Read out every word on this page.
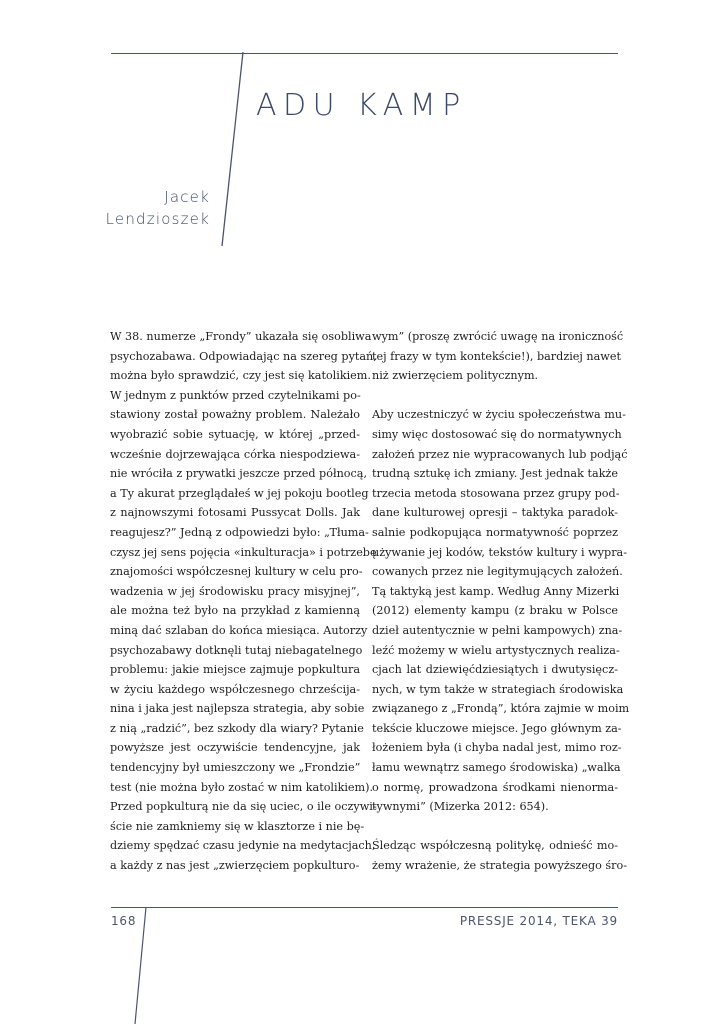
ADU KAMP
Jacek
Lendzioszek
W 38. numerze „Frondy” ukazała się osobliwa
psychozabawa. Odpowiadając na szereg pytań,
można było sprawdzić, czy jest się katolikiem.
W jednym z punktów przed czytelnikami po-
stawiony został poważny problem. Należało
wyobrazić sobie sytuację, w której „przed-
wcześnie dojrzewająca córka niespodziewa-
nie wróciła z prywatki jeszcze przed północą,
a Ty akurat przeglądałeś w jej pokoju bootleg
z najnowszymi fotosami Pussycat Dolls. Jak
reagujesz?” Jedną z odpowiedzi było: „Tłuma-
czysz jej sens pojęcia «inkulturacja» i potrzebę
znajomości współczesnej kultury w celu pro-
wadzenia w jej środowisku pracy misyjnej”,
ale można też było na przykład z kamienną
miną dać szlaban do końca miesiąca. Autorzy
psychozabawy dotknęli tutaj niebagatelnego
problemu: jakie miejsce zajmuje popkultura
w życiu każdego współczesnego chrześcija-
nina i jaka jest najlepsza strategia, aby sobie
z nią „radzić”, bez szkody dla wiary? Pytanie
powyższe jest oczywiście tendencyjne, jak
tendencyjny był umieszczony we „Frondzie”
test (nie można było zostać w nim katolikiem).
Przed popkulturą nie da się uciec, o ile oczywi-
ście nie zamkniemy się w klasztorze i nie bę-
dziemy spędzać czasu jedynie na medytacjach,
a każdy z nas jest „zwierzęciem popkulturo-
wym” (proszę zwrócić uwagę na ironiczność
tej frazy w tym kontekście!), bardziej nawet
niż zwierzęciem politycznym.
Aby uczestniczyć w życiu społeczeństwa mu-
simy więc dostosować się do normatywnych
założeń przez nie wypracowanych lub podjąć
trudną sztukę ich zmiany. Jest jednak także
trzecia metoda stosowana przez grupy pod-
dane kulturowej opresji – taktyka paradok-
salnie podkopująca normatywność poprzez
używanie jej kodów, tekstów kultury i wypra-
cowanych przez nie legitymujących założeń.
Tą taktyką jest kamp. Według Anny Mizerki
(2012) elementy kampu (z braku w Polsce
dzieł autentycznie w pełni kampowych) zna-
leźć możemy w wielu artystycznych realiza-
cjach lat dziewięćdziesiątych i dwutysięcz-
nych, w tym także w strategiach środowiska
związanego z „Frondą”, która zajmie w moim
tekście kluczowe miejsce. Jego głównym za-
łożeniem była (i chyba nadal jest, mimo roz-
łamu wewnątrz samego środowiska) „walka
o normę, prowadzona środkami nienorma-
tywnymi” (Mizerka 2012: 654).
Śledząc współczesną politykę, odnieść mo-
żemy wrażenie, że strategia powyższego śro-
168	PRESSJE 2014, TEKA 39
